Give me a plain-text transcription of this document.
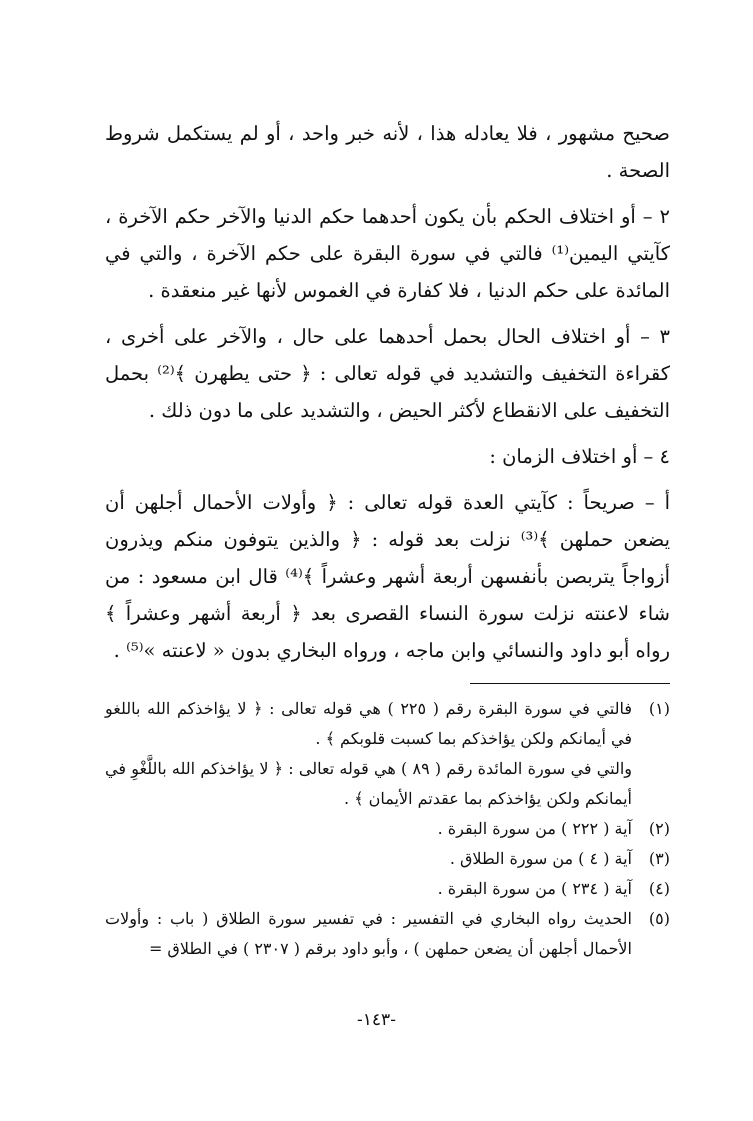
صحيح مشهور ، فلا يعادله هذا ، لأنه خبر واحد ، أو لم يستكمل شروط الصحة .

٢ – أو اختلاف الحكم بأن يكون أحدهما حكم الدنيا والآخر حكم الآخرة ، كآيتي اليمين⁽¹⁾ فالتي في سورة البقرة على حكم الآخرة ، والتي في المائدة على حكم الدنيا ، فلا كفارة في الغموس لأنها غير منعقدة .

٣ – أو اختلاف الحال بحمل أحدهما على حال ، والآخر على أخرى ، كقراءة التخفيف والتشديد في قوله تعالى : ﴿ حتى يطهرن ﴾⁽²⁾ بحمل التخفيف على الانقطاع لأكثر الحيض ، والتشديد على ما دون ذلك .

٤ – أو اختلاف الزمان :

أ – صريحاً : كآيتي العدة قوله تعالى : ﴿ وأولات الأحمال أجلهن أن يضعن حملهن ﴾⁽³⁾ نزلت بعد قوله : ﴿ والذين يتوفون منكم ويذرون أزواجاً يتربصن بأنفسهن أربعة أشهر وعشراً ﴾⁽⁴⁾ قال ابن مسعود : من شاء لاعنته نزلت سورة النساء القصرى بعد ﴿ أربعة أشهر وعشراً ﴾ رواه أبو داود والنسائي وابن ماجه ، ورواه البخاري بدون « لاعنته »⁽⁵⁾ .

(١)

فالتي في سورة البقرة رقم ( ٢٢٥ ) هي قوله تعالى : ﴿ لا يؤاخذكم الله باللغو في أيمانكم ولكن يؤاخذكم بما كسبت قلوبكم ﴾ .

والتي في سورة المائدة رقم ( ٨٩ ) هي قوله تعالى : ﴿ لا يؤاخذكم الله باللَّغْوِ في أيمانكم ولكن يؤاخذكم بما عقدتم الأيمان ﴾ .

(٢)

آية ( ٢٢٢ ) من سورة البقرة .

(٣)

آية ( ٤ ) من سورة الطلاق .

(٤)

آية ( ٢٣٤ ) من سورة البقرة .

(٥)

الحديث رواه البخاري في التفسير : في تفسير سورة الطلاق ( باب : وأولات الأحمال أجلهن أن يضعن حملهن ) ، وأبو داود برقم ( ٢٣٠٧ ) في الطلاق =

-١٤٣-
